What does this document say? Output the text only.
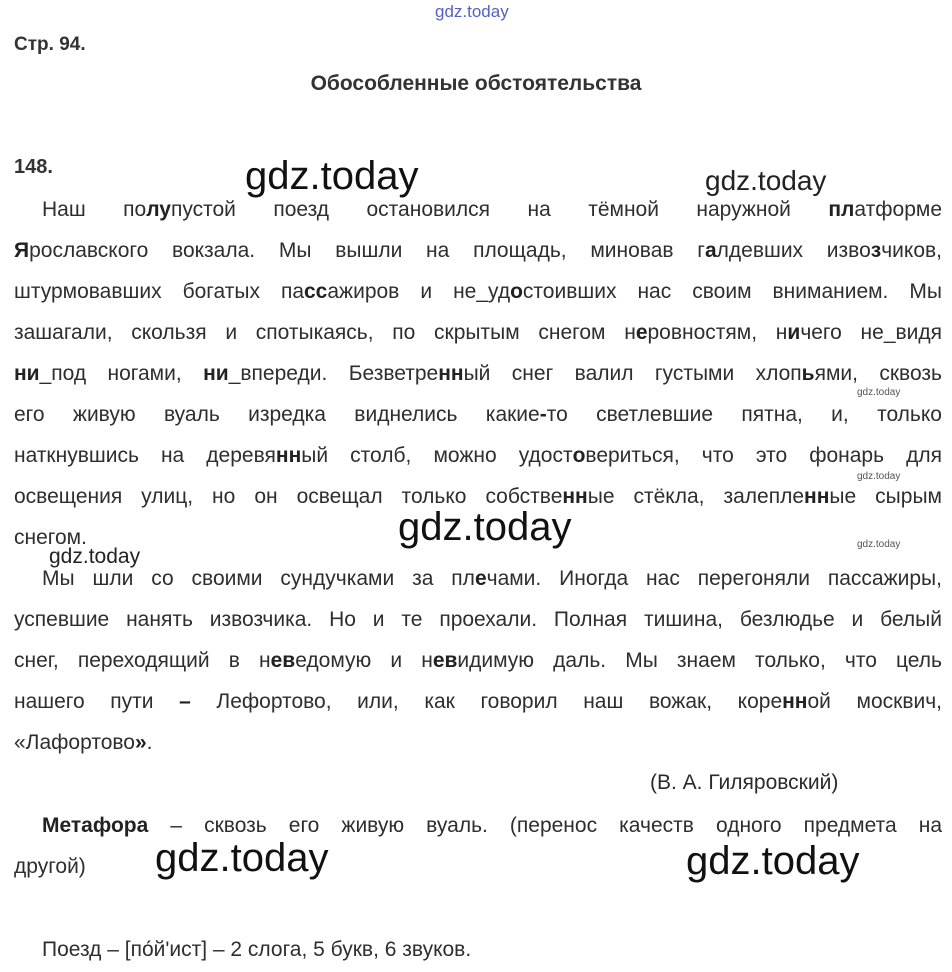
gdz.today
Стр. 94.
Обособленные обстоятельства
148.
Наш полупустой поезд остановился на тёмной наружной платформе
Ярославского вокзала. Мы вышли на площадь, миновав галдевших извозчиков,
штурмовавших богатых пассажиров и не_удостоивших нас своим вниманием. Мы
зашагали, скользя и спотыкаясь, по скрытым снегом неровностям, ничего не_видя
ни_под ногами, ни_впереди. Безветренный снег валил густыми хлопьями, сквозь
его живую вуаль изредка виднелись какие-то светлевшие пятна, и, только
наткнувшись на деревянный столб, можно удостовериться, что это фонарь для
освещения улиц, но он освещал только собственные стёкла, залепленные сырым
снегом.
Мы шли со своими сундучками за плечами. Иногда нас перегоняли пассажиры,
успевшие нанять извозчика. Но и те проехали. Полная тишина, безлюдье и белый
снег, переходящий в неведомую и невидимую даль. Мы знаем только, что цель
нашего пути – Лефортово, или, как говорил наш вожак, коренной москвич,
«Лафортово».
(В. А. Гиляровский)
Метафора – сквозь его живую вуаль. (перенос качеств одного предмета на
другой)
Поезд – [по́й'ист] – 2 слога, 5 букв, 6 звуков.
gdz.today	gdz.today
gdz.today
gdz.today
gdz.today	gdz.today
gdz.today
gdz.today	gdz.today
